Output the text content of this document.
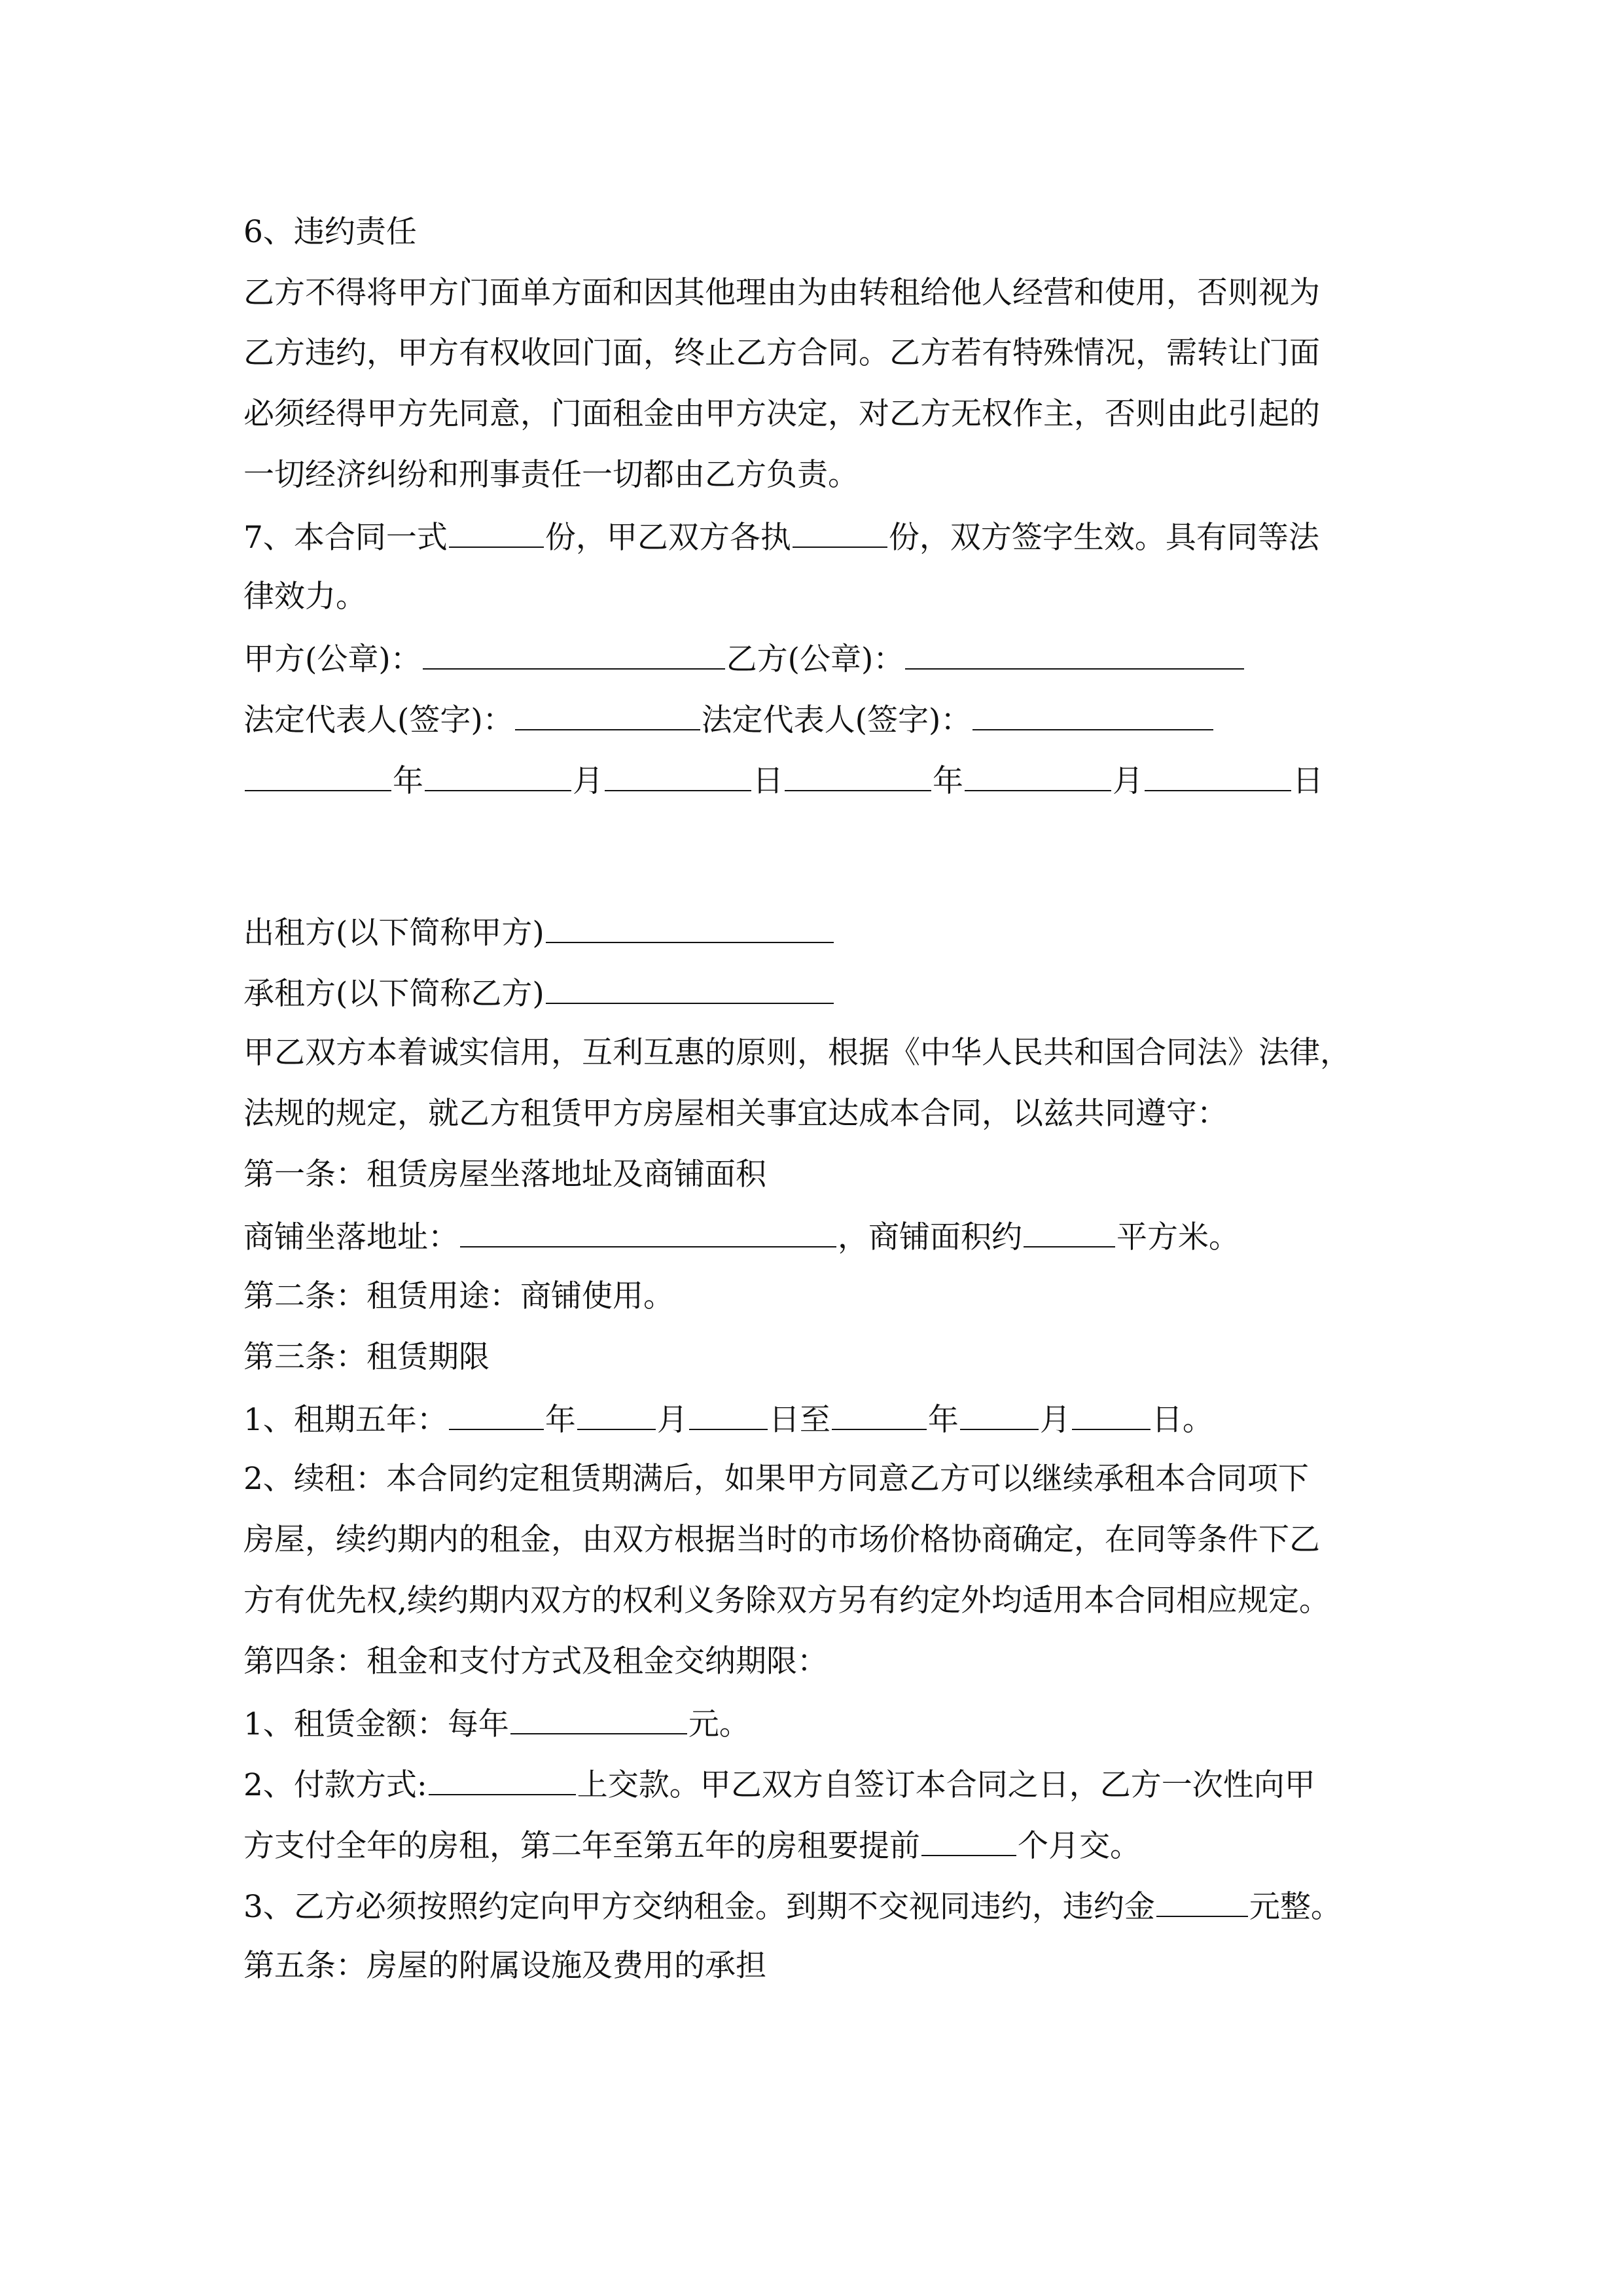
6、违约责任
乙方不得将甲方门面单方面和因其他理由为由转租给他人经营和使用，否则视为
乙方违约，甲方有权收回门面，终止乙方合同。乙方若有特殊情况，需转让门面
必须经得甲方先同意，门面租金由甲方决定，对乙方无权作主，否则由此引起的
一切经济纠纷和刑事责任一切都由乙方负责。
7、本合同一式	份，甲乙双方各执	份，双方签字生效。具有同等法
律效力。
甲方(公章)：	乙方(公章)：
法定代表人(签字)：	法定代表人(签字)：
年	月	日	年	月	日
出租方(以下简称甲方)
承租方(以下简称乙方)
甲乙双方本着诚实信用，互利互惠的原则，根据《中华人民共和国合同法》法律，
法规的规定，就乙方租赁甲方房屋相关事宜达成本合同，以兹共同遵守：
第一条：租赁房屋坐落地址及商铺面积
商铺坐落地址：	，商铺面积约	平方米。
第二条：租赁用途：商铺使用。
第三条：租赁期限
1、租期五年：	年	月	日至	年	月	日。
2、续租：本合同约定租赁期满后，如果甲方同意乙方可以继续承租本合同项下
房屋，续约期内的租金，由双方根据当时的市场价格协商确定，在同等条件下乙
方有优先权,续约期内双方的权利义务除双方另有约定外均适用本合同相应规定。
第四条：租金和支付方式及租金交纳期限：
1、租赁金额：每年	元。
2、付款方式:	上交款。甲乙双方自签订本合同之日，乙方一次性向甲
方支付全年的房租，第二年至第五年的房租要提前	个月交。
3、乙方必须按照约定向甲方交纳租金。到期不交视同违约，违约金	元整。
第五条：房屋的附属设施及费用的承担
